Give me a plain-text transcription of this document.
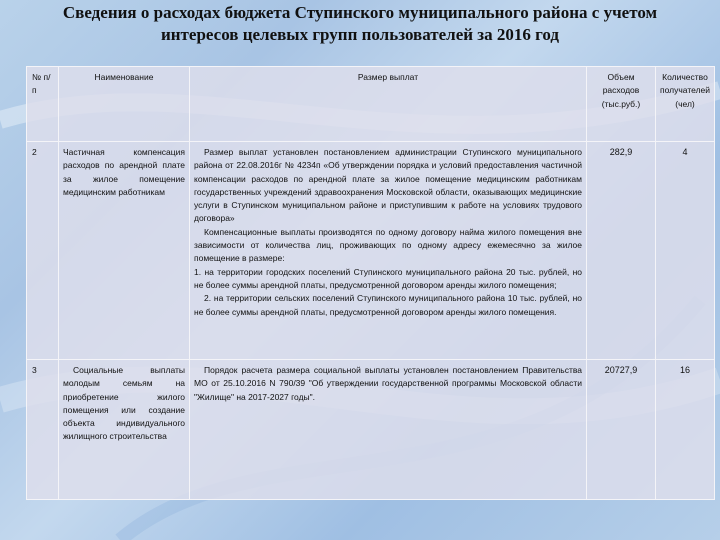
Сведения о расходах бюджета Ступинского муниципального района с учетом
интересов целевых групп пользователей за 2016 год
№ п/п	Наименование	Размер выплат	Объем расходов (тыс.руб.)	Количество получателей (чел)
2	Частичная компенсация расходов по арендной плате за жилое помещение медицинским работникам	Размер выплат установлен постановлением администрации Ступинского муниципального района от 22.08.2016г № 4234п «Об утверждении порядка и условий предоставления частичной компенсации расходов по арендной плате за жилое помещение медицинским работникам государственных учреждений здравоохранения Московской области, оказывающих медицинские услуги в Ступинском муниципальном районе и приступившим к работе на условиях трудового договора»

Компенсационные выплаты производятся по одному договору найма жилого помещения вне зависимости от количества лиц, проживающих по одному адресу ежемесячно за жилое помещение в размере:

1. на территории городских поселений Ступинского муниципального района 20 тыс. рублей, но не более суммы арендной платы, предусмотренной договором аренды жилого помещения;

2. на территории сельских поселений Ступинского муниципального района 10 тыс. рублей, но не более суммы арендной платы, предусмотренной договором аренды жилого помещения.	282,9	4
3	Социальные выплаты молодым семьям на приобретение жилого помещения или создание объекта индивидуального жилищного строительства	Порядок расчета размера социальной выплаты установлен постановлением Правительства МО от 25.10.2016 N 790/39 "Об утверждении государственной программы Московской области "Жилище" на 2017-2027 годы".	20727,9	16
